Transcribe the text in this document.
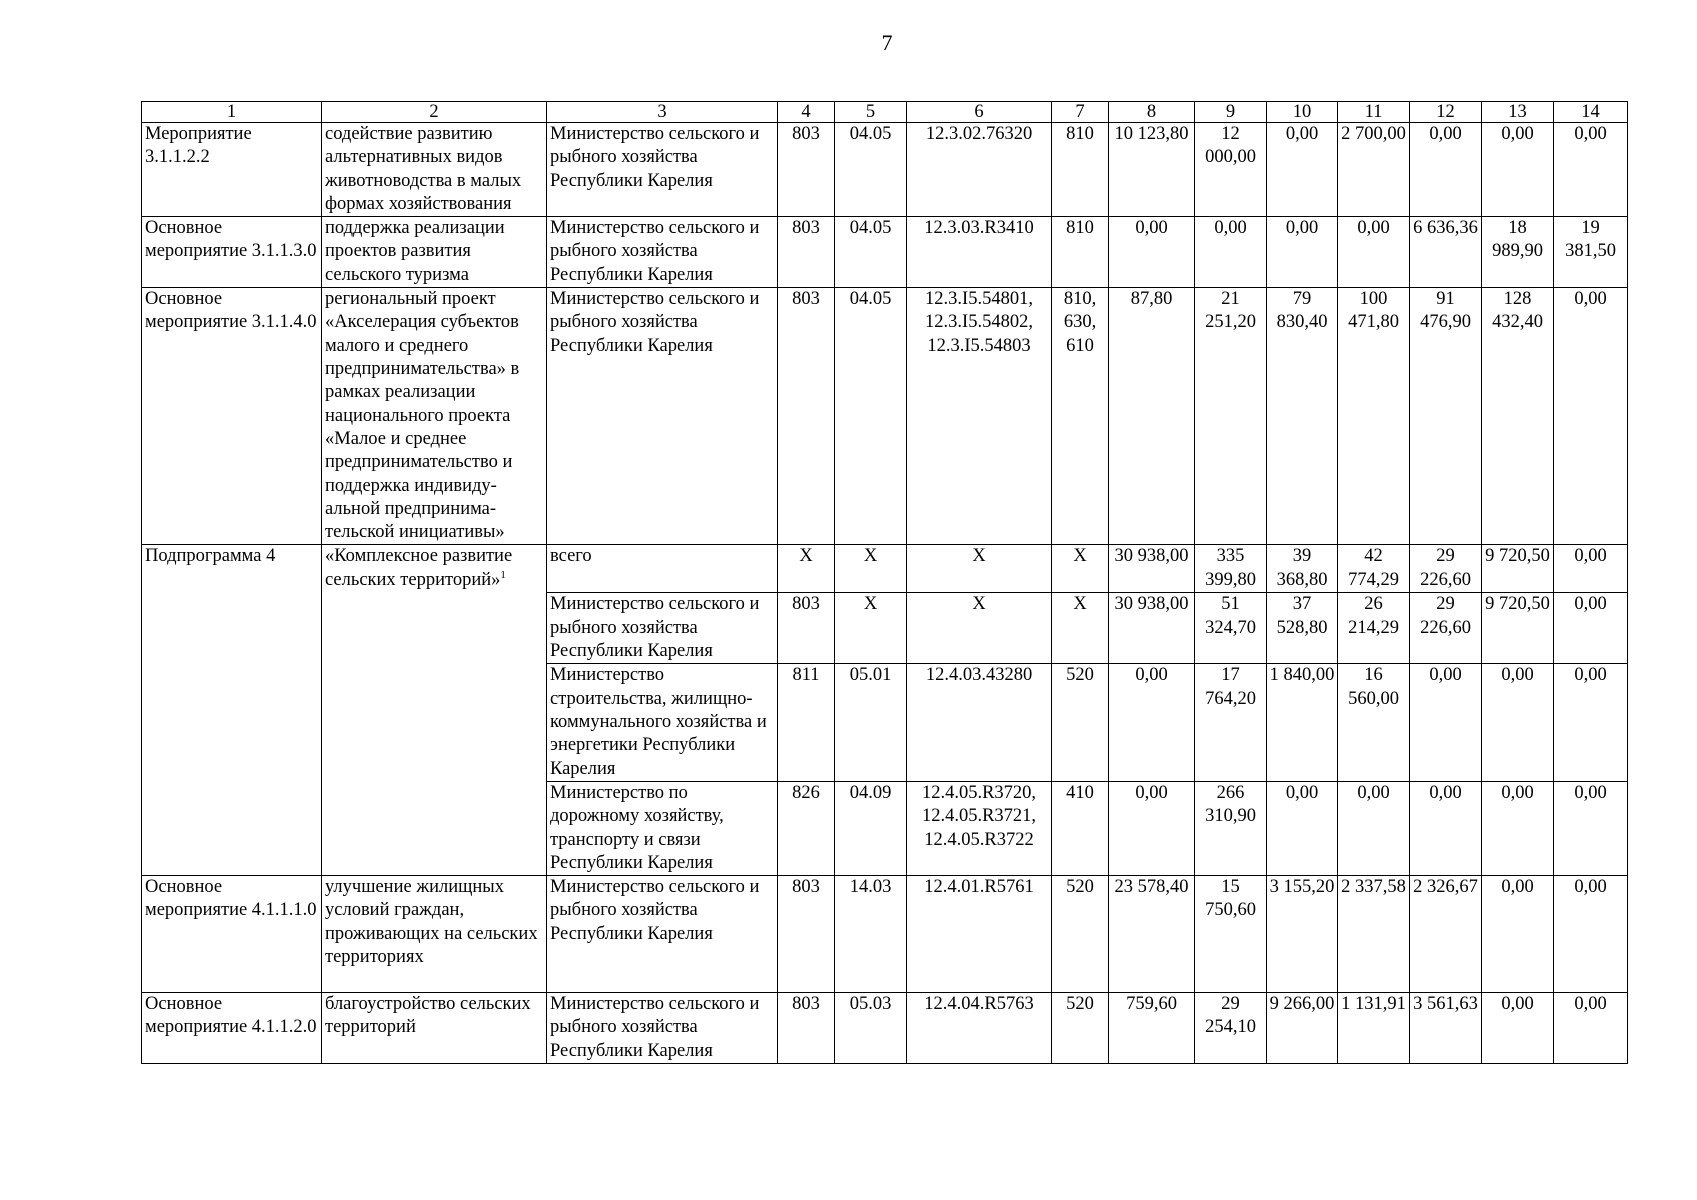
7
1	2	3	4	5	6	7	8	9	10	11	12	13	14
Мероприятие 3.1.1.2.2	содействие развитию альтернативных видов животноводства в малых формах хозяйствования	Министерство сельского и рыбного хозяйства Республики Карелия	803	04.05	12.3.02.76320	810	10 123,80	12 000,00	0,00	2 700,00	0,00	0,00	0,00
Основное мероприятие 3.1.1.3.0	поддержка реализации проектов развития сельского туризма	Министерство сельского и рыбного хозяйства Республики Карелия	803	04.05	12.3.03.R3410	810	0,00	0,00	0,00	0,00	6 636,36	18 989,90	19 381,50
Основное мероприятие 3.1.1.4.0	региональный проект «Акселерация субъектов малого и среднего предпринимательства» в рамках реализации национального проекта «Малое и среднее предпринимательство и поддержка индивиду-альной предпринима-тельской инициативы»	Министерство сельского и рыбного хозяйства Республики Карелия	803	04.05	12.3.I5.54801, 12.3.I5.54802, 12.3.I5.54803	810, 630, 610	87,80	21 251,20	79 830,40	100 471,80	91 476,90	128 432,40	0,00
Подпрограмма 4	«Комплексное развитие сельских территорий»$^1$	всего	Х	Х	Х	Х	30 938,00	335 399,80	39 368,80	42 774,29	29 226,60	9 720,50	0,00
		Министерство сельского и рыбного хозяйства Республики Карелия	803	Х	Х	Х	30 938,00	51 324,70	37 528,80	26 214,29	29 226,60	9 720,50	0,00
		Министерство строительства, жилищно-коммунального хозяйства и энергетики Республики Карелия	811	05.01	12.4.03.43280	520	0,00	17 764,20	1 840,00	16 560,00	0,00	0,00	0,00
		Министерство по дорожному хозяйству, транспорту и связи Республики Карелия	826	04.09	12.4.05.R3720, 12.4.05.R3721, 12.4.05.R3722	410	0,00	266 310,90	0,00	0,00	0,00	0,00	0,00
Основное мероприятие 4.1.1.1.0	улучшение жилищных условий граждан, проживающих на сельских территориях	Министерство сельского и рыбного хозяйства Республики Карелия	803	14.03	12.4.01.R5761	520	23 578,40	15 750,60	3 155,20	2 337,58	2 326,67	0,00	0,00
Основное мероприятие 4.1.1.2.0	благоустройство сельских территорий	Министерство сельского и рыбного хозяйства Республики Карелия	803	05.03	12.4.04.R5763	520	759,60	29 254,10	9 266,00	1 131,91	3 561,63	0,00	0,00
